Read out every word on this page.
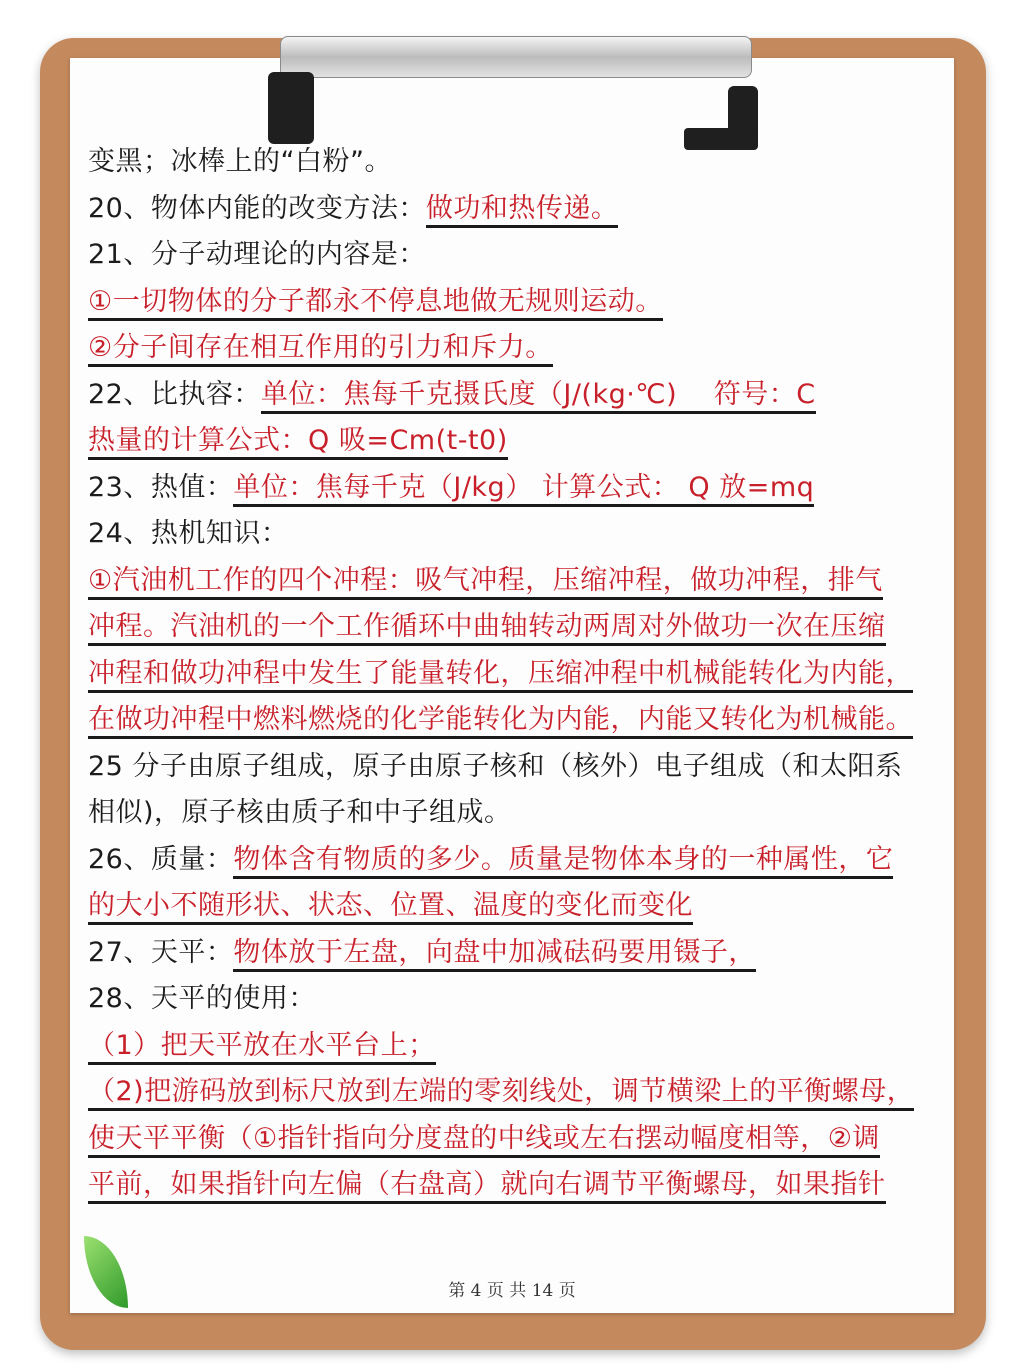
变黑；冰棒上的“白粉”。
20、物体内能的改变方法：做功和热传递。
21、分子动理论的内容是：
①一切物体的分子都永不停息地做无规则运动。
②分子间存在相互作用的引力和斥力。
22、比执容：单位：焦每千克摄氏度（J/(kg·℃)　 符号：C
热量的计算公式：Q 吸=Cm(t-t0)
23、热值：单位：焦每千克（J/kg） 计算公式： Q 放=mq
24、热机知识：
①汽油机工作的四个冲程：吸气冲程，压缩冲程，做功冲程，排气
冲程。汽油机的一个工作循环中曲轴转动两周对外做功一次在压缩
冲程和做功冲程中发生了能量转化，压缩冲程中机械能转化为内能，
在做功冲程中燃料燃烧的化学能转化为内能，内能又转化为机械能。
25 分子由原子组成，原子由原子核和（核外）电子组成（和太阳系
相似)，原子核由质子和中子组成。
26、质量：物体含有物质的多少。质量是物体本身的一种属性，它
的大小不随形状、状态、位置、温度的变化而变化
27、天平：物体放于左盘，向盘中加减砝码要用镊子，
28、天平的使用：
（1）把天平放在水平台上；
（2)把游码放到标尺放到左端的零刻线处，调节横梁上的平衡螺母，
使天平平衡（①指针指向分度盘的中线或左右摆动幅度相等，②调
平前，如果指针向左偏（右盘高）就向右调节平衡螺母，如果指针
第 4 页 共 14 页
